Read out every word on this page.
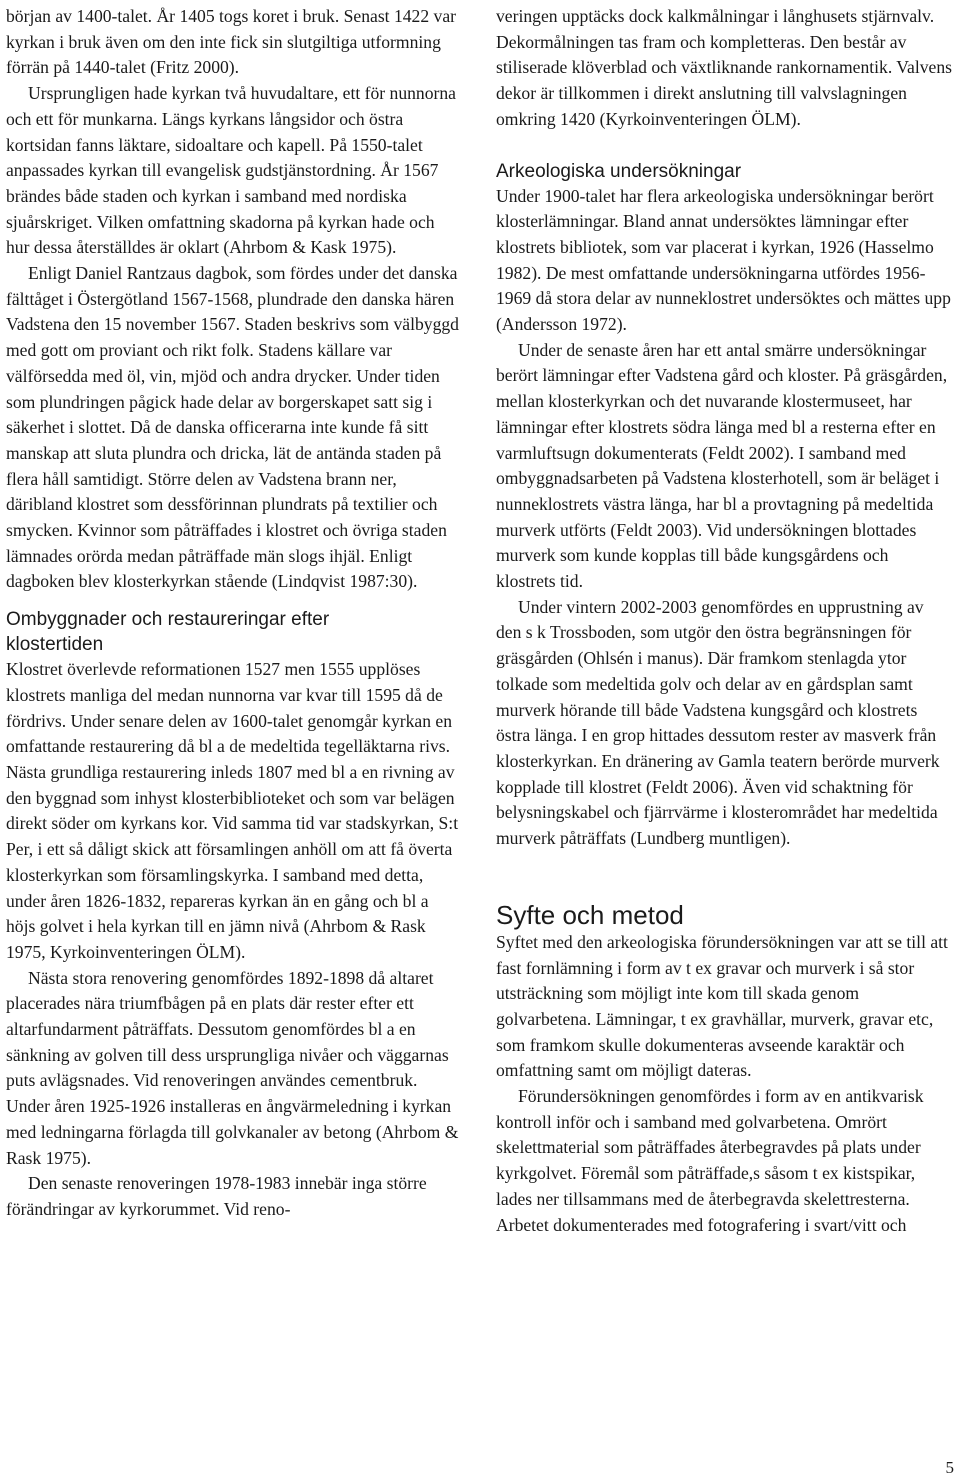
början av 1400-talet. År 1405 togs koret i bruk. Senast 1422 var kyrkan i bruk även om den inte fick sin slutgiltiga utformning förrän på 1440-talet (Fritz 2000).

Ursprungligen hade kyrkan två huvudaltare, ett för nunnorna och ett för munkarna. Längs kyrkans långsidor och östra kortsidan fanns läktare, sidoaltare och kapell. På 1550-talet anpassades kyrkan till evangelisk gudstjänstordning. År 1567 brändes både staden och kyrkan i samband med nordiska sjuårskriget. Vilken omfattning skadorna på kyrkan hade och hur dessa återställdes är oklart (Ahrbom & Kask 1975).

Enligt Daniel Rantzaus dagbok, som fördes under det danska fälttåget i Östergötland 1567-1568, plundrade den danska hären Vadstena den 15 november 1567. Staden beskrivs som välbyggd med gott om proviant och rikt folk. Stadens källare var välförsedda med öl, vin, mjöd och andra drycker. Under tiden som plundringen pågick hade delar av borgerskapet satt sig i säkerhet i slottet. Då de danska officerarna inte kunde få sitt manskap att sluta plundra och dricka, lät de antända staden på flera håll samtidigt. Större delen av Vadstena brann ner, däribland klostret som dessförinnan plundrats på textilier och smycken. Kvinnor som påträffades i klostret och övriga staden lämnades orörda medan påträffade män slogs ihjäl. Enligt dagboken blev klosterkyrkan stående (Lindqvist 1987:30).

Ombyggnader och restaureringar efter klostertiden

Klostret överlevde reformationen 1527 men 1555 upplöses klostrets manliga del medan nunnorna var kvar till 1595 då de fördrivs. Under senare delen av 1600-talet genomgår kyrkan en omfattande restaurering då bl a de medeltida tegelläktarna rivs. Nästa grundliga restaurering inleds 1807 med bl a en rivning av den byggnad som inhyst klosterbiblioteket och som var belägen direkt söder om kyrkans kor. Vid samma tid var stadskyrkan, S:t Per, i ett så dåligt skick att församlingen anhöll om att få överta klosterkyrkan som församlingskyrka. I samband med detta, under åren 1826-1832, repareras kyrkan än en gång och bl a höjs golvet i hela kyrkan till en jämn nivå (Ahrbom & Rask 1975, Kyrkoinventeringen ÖLM).

Nästa stora renovering genomfördes 1892-1898 då altaret placerades nära triumfbågen på en plats där rester efter ett altarfundarment påträffats. Dessutom genomfördes bl a en sänkning av golven till dess ursprungliga nivåer och väggarnas puts avlägsnades. Vid renoveringen användes cementbruk. Under åren 1925-1926 installeras en ångvärmeledning i kyrkan med ledningarna förlagda till golvkanaler av betong (Ahrbom & Rask 1975).

Den senaste renoveringen 1978-1983 innebär inga större förändringar av kyrkorummet. Vid reno-

veringen upptäcks dock kalkmålningar i långhusets stjärnvalv. Dekormålningen tas fram och kompletteras. Den består av stiliserade klöverblad och växtliknande rankornamentik. Valvens dekor är tillkommen i direkt anslutning till valvslagningen omkring 1420 (Kyrkoinventeringen ÖLM).

Arkeologiska undersökningar

Under 1900-talet har flera arkeologiska undersökningar berört klosterlämningar. Bland annat undersöktes lämningar efter klostrets bibliotek, som var placerat i kyrkan, 1926 (Hasselmo 1982). De mest omfattande undersökningarna utfördes 1956-1969 då stora delar av nunneklostret undersöktes och mättes upp (Andersson 1972).

Under de senaste åren har ett antal smärre undersökningar berört lämningar efter Vadstena gård och kloster. På gräsgården, mellan klosterkyrkan och det nuvarande klostermuseet, har lämningar efter klostrets södra länga med bl a resterna efter en varmluftsugn dokumenterats (Feldt 2002). I samband med ombyggnadsarbeten på Vadstena klosterhotell, som är beläget i nunneklostrets västra länga, har bl a provtagning på medeltida murverk utförts (Feldt 2003). Vid undersökningen blottades murverk som kunde kopplas till både kungsgårdens och klostrets tid.

Under vintern 2002-2003 genomfördes en upprustning av den s k Trossboden, som utgör den östra begränsningen för gräsgården (Ohlsén i manus). Där framkom stenlagda ytor tolkade som medeltida golv och delar av en gårdsplan samt murverk hörande till både Vadstena kungsgård och klostrets östra länga. I en grop hittades dessutom rester av masverk från klosterkyrkan. En dränering av Gamla teatern berörde murverk kopplade till klostret (Feldt 2006). Även vid schaktning för belysningskabel och fjärrvärme i klosterområdet har medeltida murverk påträffats (Lundberg muntligen).

Syfte och metod

Syftet med den arkeologiska förundersökningen var att se till att fast fornlämning i form av t ex gravar och murverk i så stor utsträckning som möjligt inte kom till skada genom golvarbetena. Lämningar, t ex gravhällar, murverk, gravar etc, som framkom skulle dokumenteras avseende karaktär och omfattning samt om möjligt dateras.

Förundersökningen genomfördes i form av en antikvarisk kontroll inför och i samband med golvarbetena. Omrört skelettmaterial som påträffades återbegravdes på plats under kyrkgolvet. Föremål som påträffade,s såsom t ex kistspikar, lades ner tillsammans med de återbegravda skelettresterna. Arbetet dokumenterades med fotografering i svart/vitt och

5
